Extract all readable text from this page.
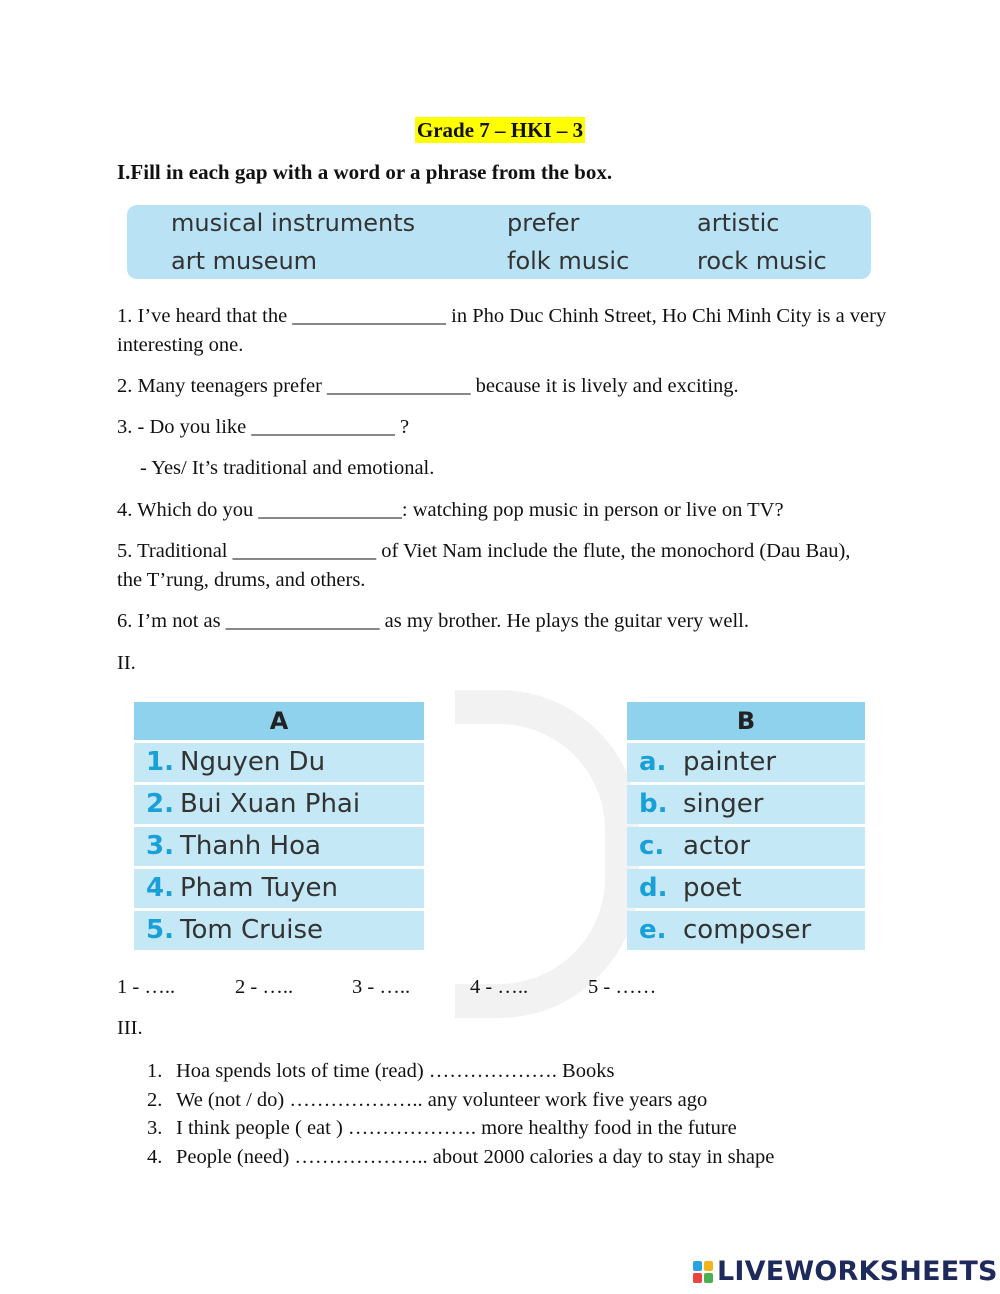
Grade 7 – HKI – 3
I.Fill in each gap with a word or a phrase from the box.
musical instruments	prefer	artistic
art museum	folk music	rock music
1. I’ve heard that the _______________ in Pho Duc Chinh Street, Ho Chi Minh City is a very interesting one.
2. Many teenagers prefer ______________ because it is lively and exciting.
3. - Do you like ______________ ?
- Yes/ It’s traditional and emotional.
4. Which do you ______________: watching pop music in person or live on TV?
5. Traditional ______________ of Viet Nam include the flute, the monochord (Dau Bau), the T’rung, drums, and others.
6. I’m not as _______________ as my brother. He plays the guitar very well.
II.
A
1. Nguyen Du
2. Bui Xuan Phai
3. Thanh Hoa
4. Pham Tuyen
5. Tom Cruise
B
a. painter
b. singer
c. actor
d. poet
e. composer
1 - …..	2 - …..	3 - …..	4 - …..	5 - ……
III.
1. Hoa spends lots of time (read) ………………. Books
2. We (not / do) ……………….. any volunteer work five years ago
3. I think people ( eat ) ………………. more healthy food in the future
4. People (need) ……………….. about 2000 calories a day to stay in shape
LIVEWORKSHEETS
